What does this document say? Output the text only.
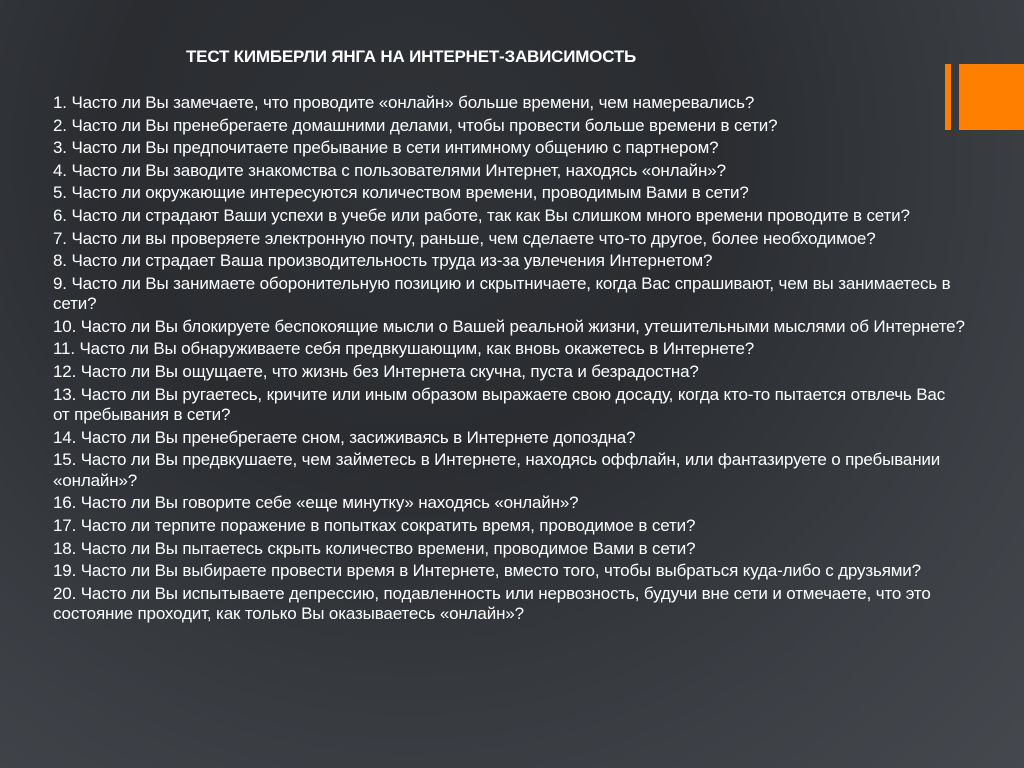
ТЕСТ КИМБЕРЛИ ЯНГА НА ИНТЕРНЕТ-ЗАВИСИМОСТЬ
1. Часто ли Вы замечаете, что проводите «онлайн» больше времени, чем намеревались?
2. Часто ли Вы пренебрегаете домашними делами, чтобы провести больше времени в сети?
3. Часто ли Вы предпочитаете пребывание в сети интимному общению с партнером?
4. Часто ли Вы заводите знакомства с пользователями Интернет, находясь «онлайн»?
5. Часто ли окружающие интересуются количеством времени, проводимым Вами в сети?
6. Часто ли страдают Ваши успехи в учебе или работе, так как Вы слишком много времени проводите в сети?
7. Часто ли вы проверяете электронную почту, раньше, чем сделаете что-то другое, более необходимое?
8. Часто ли страдает Ваша производительность труда из-за увлечения Интернетом?
9. Часто ли Вы занимаете оборонительную позицию и скрытничаете, когда Вас спрашивают, чем вы занимаетесь в сети?
10. Часто ли Вы блокируете беспокоящие мысли о Вашей реальной жизни, утешительными мыслями об Интернете?
11. Часто ли Вы обнаруживаете себя предвкушающим, как вновь окажетесь в Интернете?
12. Часто ли Вы ощущаете, что жизнь без Интернета скучна, пуста и безрадостна?
13. Часто ли Вы ругаетесь, кричите или иным образом выражаете свою досаду, когда кто-то пытается отвлечь Вас от пребывания в сети?
14. Часто ли Вы пренебрегаете сном, засиживаясь в Интернете допоздна?
15. Часто ли Вы предвкушаете, чем займетесь в Интернете, находясь оффлайн, или фантазируете о пребывании «онлайн»?
16. Часто ли Вы говорите себе «еще минутку» находясь «онлайн»?
17. Часто ли терпите поражение в попытках сократить время, проводимое в сети?
18. Часто ли Вы пытаетесь скрыть количество времени, проводимое Вами в сети?
19. Часто ли Вы выбираете провести время в Интернете, вместо того, чтобы выбраться куда-либо с друзьями?
20. Часто ли Вы испытываете депрессию, подавленность или нервозность, будучи вне сети и отмечаете, что это состояние проходит, как только Вы оказываетесь «онлайн»?
